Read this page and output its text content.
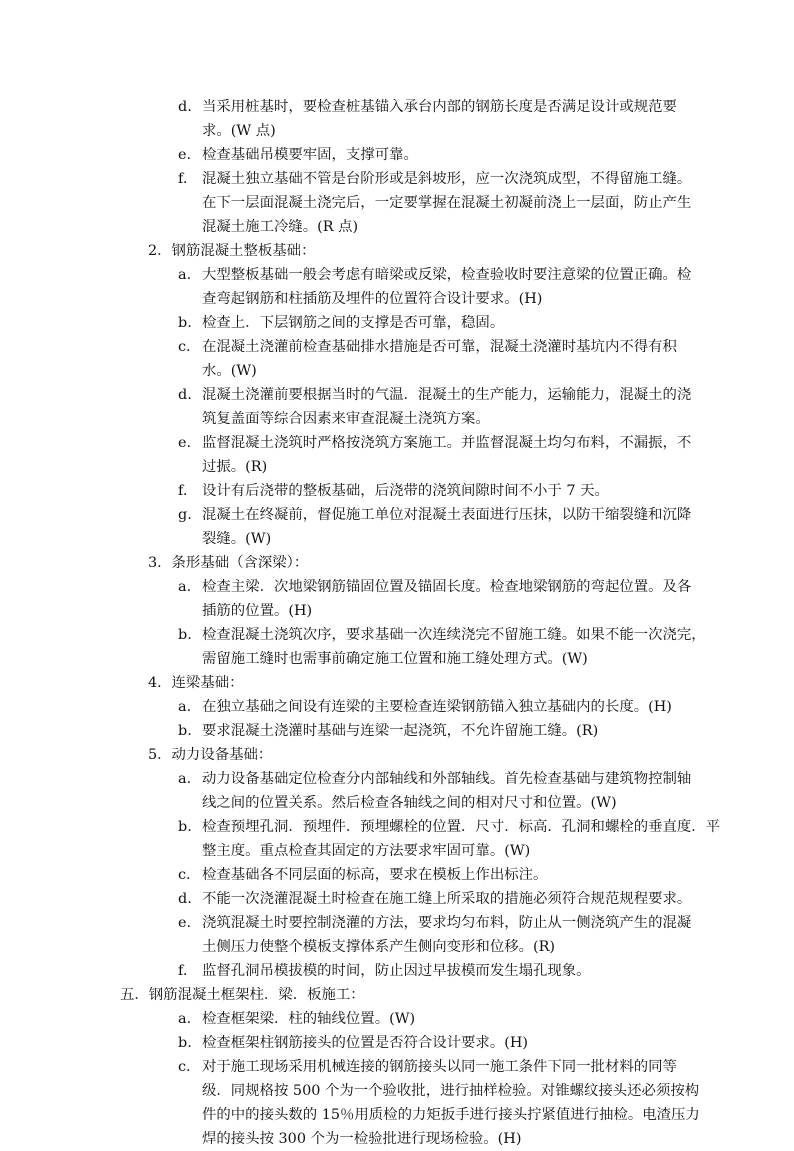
d. 当采用桩基时，要检查桩基锚入承台内部的钢筋长度是否满足设计或规范要
求。(W 点)
e. 检查基础吊模要牢固，支撑可靠。
f.	混凝土独立基础不管是台阶形或是斜坡形，应一次浇筑成型，不得留施工缝。
在下一层面混凝土浇完后，一定要掌握在混凝土初凝前浇上一层面，防止产生
混凝土施工冷缝。(R 点)
2．钢筋混凝土整板基础：
a. 大型整板基础一般会考虑有暗梁或反梁，检查验收时要注意梁的位置正确。检
查弯起钢筋和柱插筋及埋件的位置符合设计要求。(H)
b. 检查上．下层钢筋之间的支撑是否可靠，稳固。
c. 在混凝土浇灌前检查基础排水措施是否可靠，混凝土浇灌时基坑内不得有积
水。(W)
d. 混凝土浇灌前要根据当时的气温．混凝土的生产能力，运输能力，混凝土的浇
筑复盖面等综合因素来审查混凝土浇筑方案。
e. 监督混凝土浇筑时严格按浇筑方案施工。并监督混凝土均匀布料，不漏振，不
过振。(R)
f.	设计有后浇带的整板基础，后浇带的浇筑间隙时间不小于 7 天。
g. 混凝土在终凝前，督促施工单位对混凝土表面进行压抹，以防干缩裂缝和沉降
裂缝。(W)
3．条形基础（含深梁）：
a. 检查主梁．次地梁钢筋锚固位置及锚固长度。检查地梁钢筋的弯起位置。及各
插筋的位置。(H)
b. 检查混凝土浇筑次序，要求基础一次连续浇完不留施工缝。如果不能一次浇完，
需留施工缝时也需事前确定施工位置和施工缝处理方式。(W)
4．连梁基础：
a. 在独立基础之间设有连梁的主要检查连梁钢筋锚入独立基础内的长度。(H)
b. 要求混凝土浇灌时基础与连梁一起浇筑，不允许留施工缝。(R)
5．动力设备基础：
a. 动力设备基础定位检查分内部轴线和外部轴线。首先检查基础与建筑物控制轴
线之间的位置关系。然后检查各轴线之间的相对尺寸和位置。(W)
b. 检查预埋孔洞．预埋件．预埋螺栓的位置．尺寸．标高．孔洞和螺栓的垂直度．平
整主度。重点检查其固定的方法要求牢固可靠。(W)
c. 检查基础各不同层面的标高，要求在模板上作出标注。
d. 不能一次浇灌混凝土时检查在施工缝上所采取的措施必须符合规范规程要求。
e. 浇筑混凝土时要控制浇灌的方法，要求均匀布料，防止从一侧浇筑产生的混凝
土侧压力使整个模板支撑体系产生侧向变形和位移。(R)
f.	监督孔洞吊模拔模的时间，防止因过早拔模而发生塌孔现象。
五．钢筋混凝土框架柱．梁．板施工：
a. 检查框架梁．柱的轴线位置。(W)
b. 检查框架柱钢筋接头的位置是否符合设计要求。(H)
c. 对于施工现场采用机械连接的钢筋接头以同一施工条件下同一批材料的同等
级．同规格按 500 个为一个验收批，进行抽样检验。对锥螺纹接头还必须按构
件的中的接头数的 15％用质检的力矩扳手进行接头拧紧值进行抽检。电渣压力
焊的接头按 300 个为一检验批进行现场检验。(H)
